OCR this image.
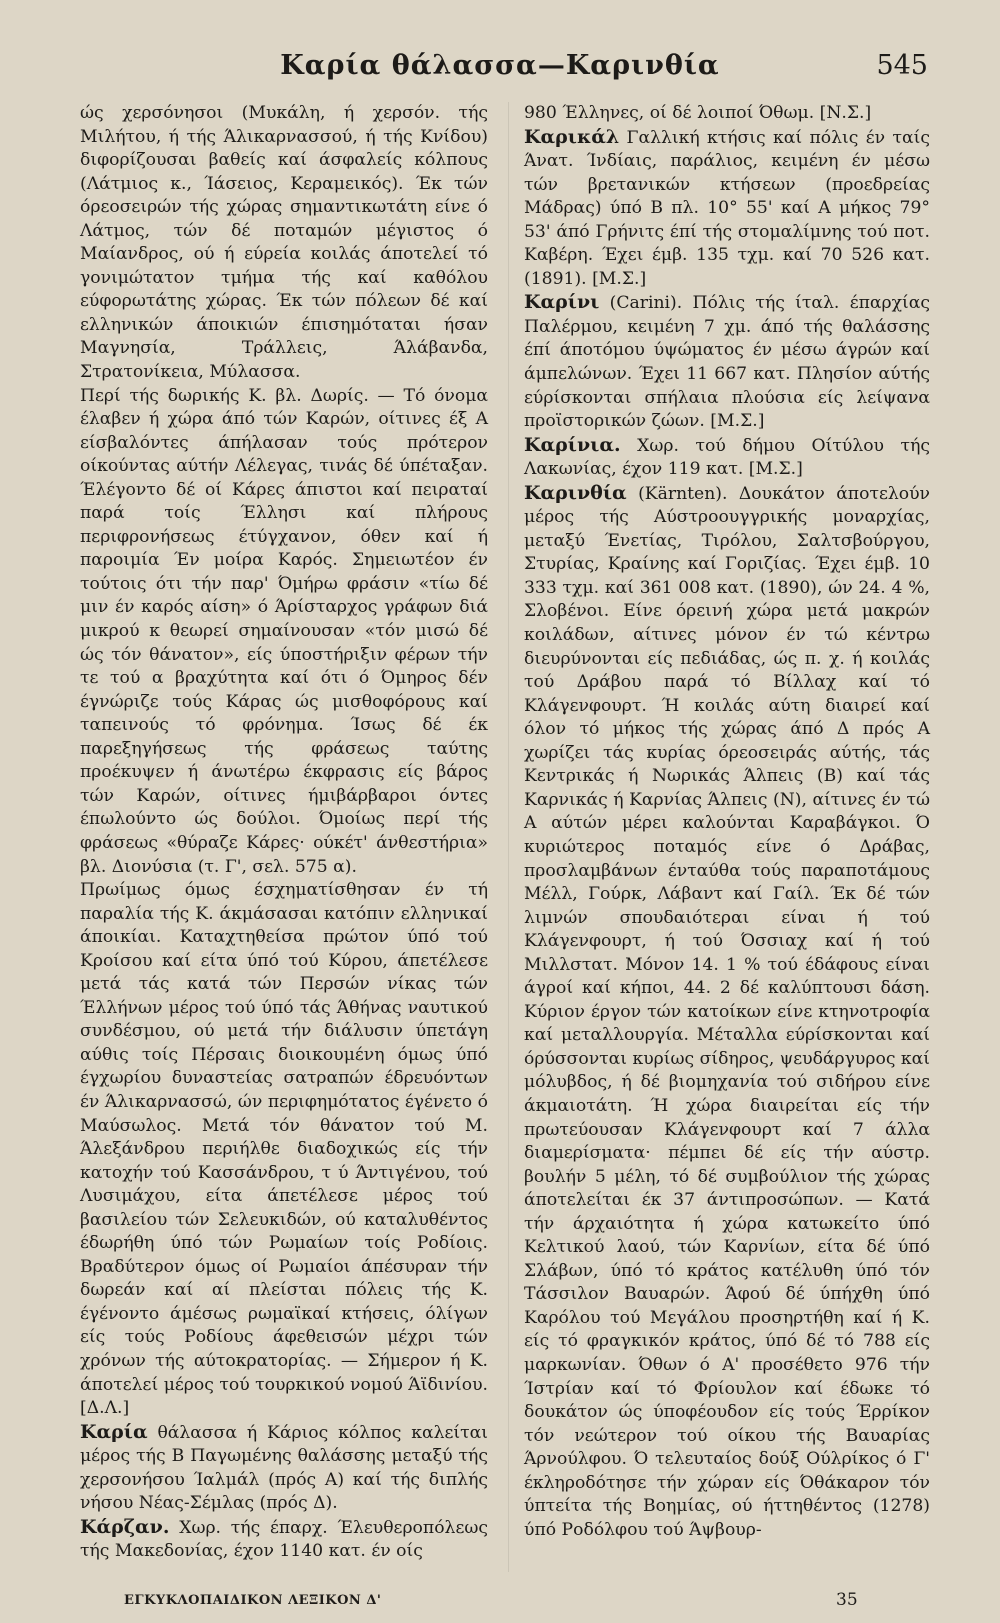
Καρία θάλασσα—Καρινθία	545

ώς χερσόνησοι (Μυκάλη, ή χερσόν. τής Μιλήτου, ή τής Άλικαρνασσού, ή τής Κνίδου) διφορίζουσαι βαθείς καί άσφαλείς κόλπους (Λάτμιος κ., Ίάσειος, Κεραμεικός). Έκ τών όρεοσειρών τής χώρας σημαντικωτάτη είνε ό Λάτμος, τών δέ ποταμών μέγιστος ό Μαίανδρος, ού ή εύρεία κοιλάς άποτελεί τό γονιμώτατον τμήμα τής καί καθόλου εύφορωτάτης χώρας. Έκ τών πόλεων δέ καί ελληνικών άποικιών έπισημόταται ήσαν Μαγνησία, Τράλλεις, Άλάβανδα, Στρατονίκεια, Μύλασσα.

Περί τής δωρικής Κ. βλ. Δωρίς. — Τό όνομα έλαβεν ή χώρα άπό τών Καρών, οίτινες έξ Α είσβαλόντες άπήλασαν τούς πρότερον οίκούντας αύτήν Λέλεγας, τινάς δέ ύπέταξαν. Έλέγοντο δέ οί Κάρες άπιστοι καί πειραταί παρά τοίς Έλλησι καί πλήρους περιφρονήσεως έτύγχανον, όθεν καί ή παροιμία Έν μοίρα Καρός. Σημειωτέον έν τούτοις ότι τήν παρ' Όμήρω φράσιν «τίω δέ μιν έν καρός αίση» ό Άρίσταρχος γράφων διά μικρού κ θεωρεί σημαίνουσαν «τόν μισώ δέ ώς τόν θάνατον», είς ύποστήριξιν φέρων τήν τε τού α βραχύτητα καί ότι ό Όμηρος δέν έγνώριζε τούς Κάρας ώς μισθοφόρους καί ταπεινούς τό φρόνημα. Ίσως δέ έκ παρεξηγήσεως τής φράσεως ταύτης προέκυψεν ή άνωτέρω έκφρασις είς βάρος τών Καρών, οίτινες ήμιβάρβαροι όντες έπωλούντο ώς δούλοι. Όμοίως περί τής φράσεως «θύραζε Κάρες· ούκέτ' άνθεστήρια» βλ. Διονύσια (τ. Γ', σελ. 575 α).

Πρωίμως όμως έσχηματίσθησαν έν τή παραλία τής Κ. άκμάσασαι κατόπιν ελληνικαί άποικίαι. Καταχτηθείσα πρώτον ύπό τού Κροίσου καί είτα ύπό τού Κύρου, άπετέλεσε μετά τάς κατά τών Περσών νίκας τών Έλλήνων μέρος τού ύπό τάς Άθήνας ναυτικού συνδέσμου, ού μετά τήν διάλυσιν ύπετάγη αύθις τοίς Πέρσαις διοικουμένη όμως ύπό έγχωρίου δυναστείας σατραπών έδρευόντων έν Άλικαρνασσώ, ών περιφημότατος έγένετο ό Μαύσωλος. Μετά τόν θάνατον τού Μ. Άλεξάνδρου περιήλθε διαδοχικώς είς τήν κατοχήν τού Κασσάνδρου, τ ύ Άντιγένου, τού Λυσιμάχου, είτα άπετέλεσε μέρος τού βασιλείου τών Σελευκιδών, ού καταλυθέντος έδωρήθη ύπό τών Ρωμαίων τοίς Ροδίοις. Βραδύτερον όμως οί Ρωμαίοι άπέσυραν τήν δωρεάν καί αί πλείσται πόλεις τής Κ. έγένοντο άμέσως ρωμαϊκαί κτήσεις, όλίγων είς τούς Ροδίους άφεθεισών μέχρι τών χρόνων τής αύτοκρατορίας. — Σήμερον ή Κ. άποτελεί μέρος τού τουρκικού νομού Άϊδινίου. [Δ.Λ.]

Καρία θάλασσα ή Κάριος κόλπος καλείται μέρος τής Β Παγωμένης θαλάσσης μεταξύ τής χερσονήσου Ίαλμάλ (πρός Α) καί τής διπλής νήσου Νέας-Σέμλας (πρός Δ).

Κάρζαν. Χωρ. τής έπαρχ. Έλευθεροπόλεως τής Μακεδονίας, έχον 1140 κατ. έν οίς

980 Έλληνες, οί δέ λοιποί Όθωμ. [Ν.Σ.]

Καρικάλ Γαλλική κτήσις καί πόλις έν ταίς Άνατ. Ίνδίαις, παράλιος, κειμένη έν μέσω τών βρετανικών κτήσεων (προεδρείας Μάδρας) ύπό Β πλ. 10° 55' καί Α μήκος 79° 53' άπό Γρήνιτς έπί τής στομαλίμνης τού ποτ. Καβέρη. Έχει έμβ. 135 τχμ. καί 70 526 κατ. (1891). [Μ.Σ.]

Καρίνι (Carini). Πόλις τής ίταλ. έπαρχίας Παλέρμου, κειμένη 7 χμ. άπό τής θαλάσσης έπί άποτόμου ύψώματος έν μέσω άγρών καί άμπελώνων. Έχει 11 667 κατ. Πλησίον αύτής εύρίσκονται σπήλαια πλούσια είς λείψανα προϊστορικών ζώων. [Μ.Σ.]

Καρίνια. Χωρ. τού δήμου Οίτύλου τής Λακωνίας, έχον 119 κατ. [Μ.Σ.]

Καρινθία (Kärnten). Δουκάτον άποτελούν μέρος τής Αύστροουγγρικής μοναρχίας, μεταξύ Ένετίας, Τιρόλου, Σαλτσβούργου, Στυρίας, Κραίνης καί Γοριζίας. Έχει έμβ. 10 333 τχμ. καί 361 008 κατ. (1890), ών 24. 4 %, Σλοβένοι. Είνε όρεινή χώρα μετά μακρών κοιλάδων, αίτινες μόνον έν τώ κέντρω διευρύνονται είς πεδιάδας, ώς π. χ. ή κοιλάς τού Δράβου παρά τό Βίλλαχ καί τό Κλάγενφουρτ. Ή κοιλάς αύτη διαιρεί καί όλον τό μήκος τής χώρας άπό Δ πρός Α χωρίζει τάς κυρίας όρεοσειράς αύτής, τάς Κεντρικάς ή Νωρικάς Άλπεις (Β) καί τάς Καρνικάς ή Καρνίας Άλπεις (Ν), αίτινες έν τώ Α αύτών μέρει καλούνται Καραβάγκοι. Ό κυριώτερος ποταμός είνε ό Δράβας, προσλαμβάνων ένταύθα τούς παραποτάμους Μέλλ, Γούρκ, Λάβαντ καί Γαίλ. Έκ δέ τών λιμνών σπουδαιότεραι είναι ή τού Κλάγενφουρτ, ή τού Όσσιαχ καί ή τού Μιλλστατ. Μόνον 14. 1 % τού έδάφους είναι άγροί καί κήποι, 44. 2 δέ καλύπτουσι δάση. Κύριον έργον τών κατοίκων είνε κτηνοτροφία καί μεταλλουργία. Μέταλλα εύρίσκονται καί όρύσσονται κυρίως σίδηρος, ψευδάργυρος καί μόλυβδος, ή δέ βιομηχανία τού σιδήρου είνε άκμαιοτάτη. Ή χώρα διαιρείται είς τήν πρωτεύουσαν Κλάγενφουρτ καί 7 άλλα διαμερίσματα· πέμπει δέ είς τήν αύστρ. βουλήν 5 μέλη, τό δέ συμβούλιον τής χώρας άποτελείται έκ 37 άντιπροσώπων. — Κατά τήν άρχαιότητα ή χώρα κατωκείτο ύπό Κελτικού λαού, τών Καρνίων, είτα δέ ύπό Σλάβων, ύπό τό κράτος κατέλυθη ύπό τόν Τάσσιλον Βαυαρών. Άφού δέ ύπήχθη ύπό Καρόλου τού Μεγάλου προσηρτήθη καί ή Κ. είς τό φραγκικόν κράτος, ύπό δέ τό 788 είς μαρκωνίαν. Όθων ό Α' προσέθετο 976 τήν Ίστρίαν καί τό Φρίουλον καί έδωκε τό δουκάτον ώς ύποφέουδον είς τούς Έρρίκον τόν νεώτερον τού οίκου τής Βαυαρίας Άρνούλφου. Ό τελευταίος δούξ Ούλρίκος ό Γ' έκληροδότησε τήν χώραν είς Όθάκαρον τόν ύπτείτα τής Βοημίας, ού ήττηθέντος (1278) ύπό Ροδόλφου τού Άψβουρ-

ΕΓΚΥΚΛΟΠΑΙΔΙΚΟΝ ΛΕΞΙΚΟΝ Δ'	35
